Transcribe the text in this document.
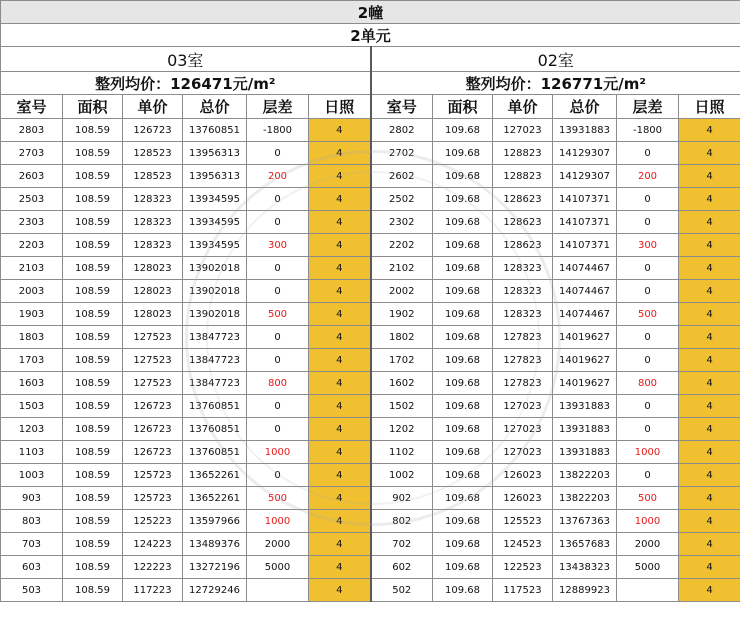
2幢											
2单元											
03室						02室					
整列均价：126471元/m²						整列均价：126771元/m²					
室号	面积	单价	总价	层差	日照	室号	面积	单价	总价	层差	日照
2803	108.59	126723	13760851	-1800	4	2802	109.68	127023	13931883	-1800	4
2703	108.59	128523	13956313	0	4	2702	109.68	128823	14129307	0	4
2603	108.59	128523	13956313	200	4	2602	109.68	128823	14129307	200	4
2503	108.59	128323	13934595	0	4	2502	109.68	128623	14107371	0	4
2303	108.59	128323	13934595	0	4	2302	109.68	128623	14107371	0	4
2203	108.59	128323	13934595	300	4	2202	109.68	128623	14107371	300	4
2103	108.59	128023	13902018	0	4	2102	109.68	128323	14074467	0	4
2003	108.59	128023	13902018	0	4	2002	109.68	128323	14074467	0	4
1903	108.59	128023	13902018	500	4	1902	109.68	128323	14074467	500	4
1803	108.59	127523	13847723	0	4	1802	109.68	127823	14019627	0	4
1703	108.59	127523	13847723	0	4	1702	109.68	127823	14019627	0	4
1603	108.59	127523	13847723	800	4	1602	109.68	127823	14019627	800	4
1503	108.59	126723	13760851	0	4	1502	109.68	127023	13931883	0	4
1203	108.59	126723	13760851	0	4	1202	109.68	127023	13931883	0	4
1103	108.59	126723	13760851	1000	4	1102	109.68	127023	13931883	1000	4
1003	108.59	125723	13652261	0	4	1002	109.68	126023	13822203	0	4
903	108.59	125723	13652261	500	4	902	109.68	126023	13822203	500	4
803	108.59	125223	13597966	1000	4	802	109.68	125523	13767363	1000	4
703	108.59	124223	13489376	2000	4	702	109.68	124523	13657683	2000	4
603	108.59	122223	13272196	5000	4	602	109.68	122523	13438323	5000	4
503	108.59	117223	12729246		4	502	109.68	117523	12889923		4
